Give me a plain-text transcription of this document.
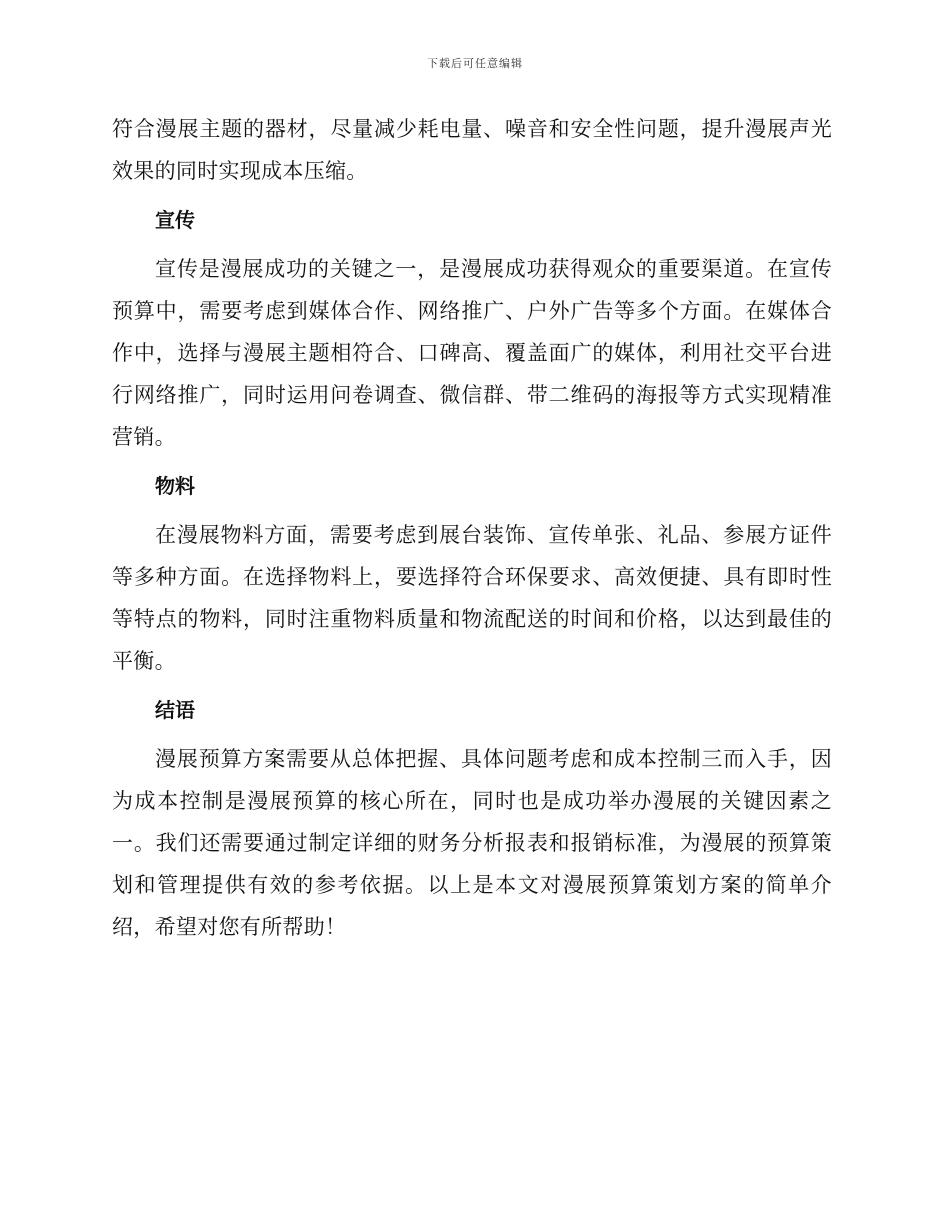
下载后可任意编辑

符合漫展主题的器材，尽量减少耗电量、噪音和安全性问题，提升漫展声光效果的同时实现成本压缩。

宣传

宣传是漫展成功的关键之一，是漫展成功获得观众的重要渠道。在宣传预算中，需要考虑到媒体合作、网络推广、户外广告等多个方面。在媒体合作中，选择与漫展主题相符合、口碑高、覆盖面广的媒体，利用社交平台进行网络推广，同时运用问卷调查、微信群、带二维码的海报等方式实现精准营销。

物料

在漫展物料方面，需要考虑到展台装饰、宣传单张、礼品、参展方证件等多种方面。在选择物料上，要选择符合环保要求、高效便捷、具有即时性等特点的物料，同时注重物料质量和物流配送的时间和价格，以达到最佳的平衡。

结语

漫展预算方案需要从总体把握、具体问题考虑和成本控制三而入手，因为成本控制是漫展预算的核心所在，同时也是成功举办漫展的关键因素之一。我们还需要通过制定详细的财务分析报表和报销标准，为漫展的预算策划和管理提供有效的参考依据。以上是本文对漫展预算策划方案的简单介绍，希望对您有所帮助！
